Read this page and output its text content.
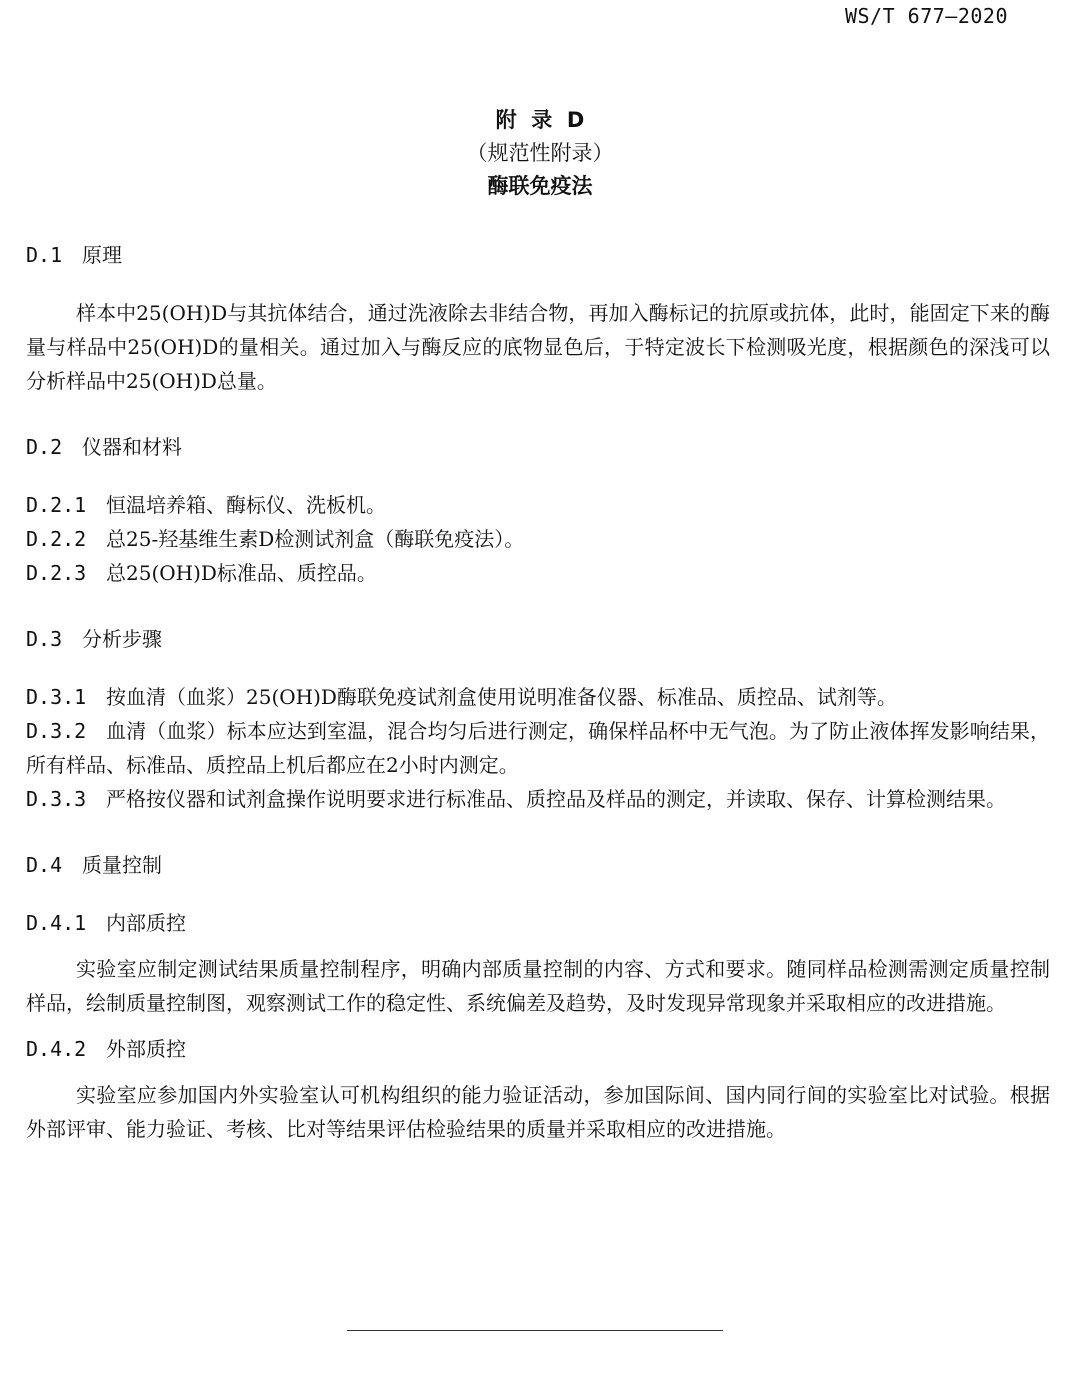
WS/T 677—2020
附  录  D
（规范性附录）
酶联免疫法

D.1 原理

样本中25(OH)D与其抗体结合，通过洗液除去非结合物，再加入酶标记的抗原或抗体，此时，能固定下来的酶量与样品中25(OH)D的量相关。通过加入与酶反应的底物显色后，于特定波长下检测吸光度，根据颜色的深浅可以分析样品中25(OH)D总量。

D.2 仪器和材料

D.2.1 恒温培养箱、酶标仪、洗板机。

D.2.2 总25-羟基维生素D检测试剂盒（酶联免疫法）。

D.2.3 总25(OH)D标准品、质控品。

D.3 分析步骤

D.3.1 按血清（血浆）25(OH)D酶联免疫试剂盒使用说明准备仪器、标准品、质控品、试剂等。

D.3.2 血清（血浆）标本应达到室温，混合均匀后进行测定，确保样品杯中无气泡。为了防止液体挥发影响结果，所有样品、标准品、质控品上机后都应在2小时内测定。

D.3.3 严格按仪器和试剂盒操作说明要求进行标准品、质控品及样品的测定，并读取、保存、计算检测结果。

D.4 质量控制

D.4.1 内部质控

实验室应制定测试结果质量控制程序，明确内部质量控制的内容、方式和要求。随同样品检测需测定质量控制样品，绘制质量控制图，观察测试工作的稳定性、系统偏差及趋势，及时发现异常现象并采取相应的改进措施。

D.4.2 外部质控

实验室应参加国内外实验室认可机构组织的能力验证活动，参加国际间、国内同行间的实验室比对试验。根据外部评审、能力验证、考核、比对等结果评估检验结果的质量并采取相应的改进措施。
